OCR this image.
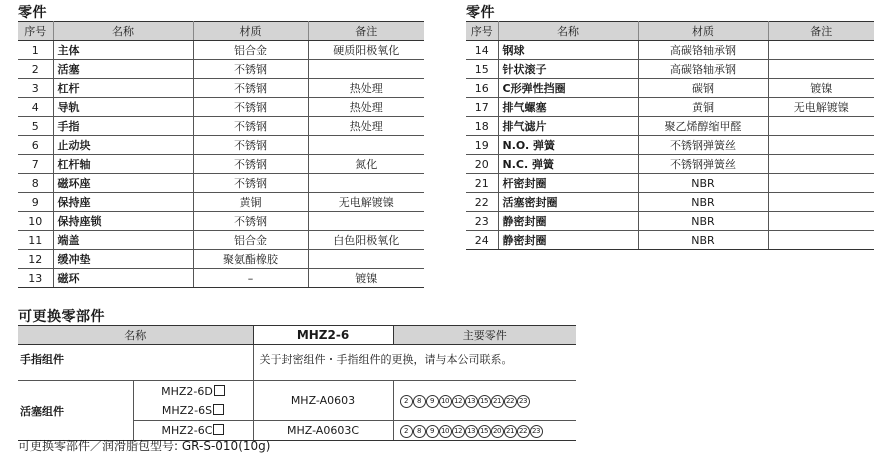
零件
序号	名称	材质	备注
1	主体	铝合金	硬质阳极氧化
2	活塞	不锈钢	
3	杠杆	不锈钢	热处理
4	导轨	不锈钢	热处理
5	手指	不锈钢	热处理
6	止动块	不锈钢	
7	杠杆轴	不锈钢	氮化
8	磁环座	不锈钢	
9	保持座	黄铜	无电解镀镍
10	保持座锁	不锈钢	
11	端盖	铝合金	白色阳极氧化
12	缓冲垫	聚氨酯橡胶	
13	磁环	–	镀镍
零件
序号	名称	材质	备注
14	钢球	高碳铬轴承钢	
15	针状滚子	高碳铬轴承钢	
16	C形弹性挡圈	碳钢	镀镍
17	排气螺塞	黄铜	无电解镀镍
18	排气滤片	聚乙烯醇缩甲醛	
19	N.O. 弹簧	不锈钢弹簧丝	
20	N.C. 弹簧	不锈钢弹簧丝	
21	杆密封圈	NBR	
22	活塞密封圈	NBR	
23	静密封圈	NBR	
24	静密封圈	NBR	
可更换零部件
名称		MHZ2-6	主要零件
手指组件		关于封密组件・手指组件的更换，请与本公司联系。	
活塞组件	MHZ2-6D	MHZ-A0603	2 8 9 10 12 13 15 21 22 23
	MHZ2-6S		
	MHZ2-6C	MHZ-A0603C	2 8 9 10 12 13 15 20 21 22 23
可更换零部件／润滑脂包型号: GR-S-010(10g)
